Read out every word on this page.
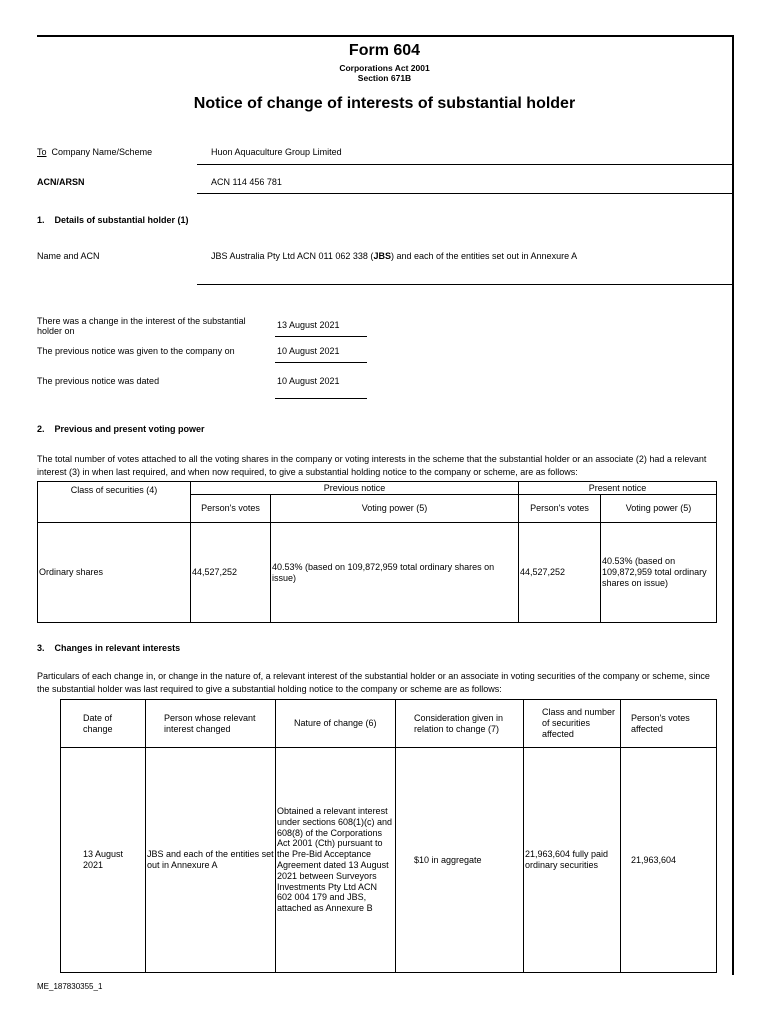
Form 604
Corporations Act 2001
Section 671B
Notice of change of interests of substantial holder
To Company Name/Scheme	Huon Aquaculture Group Limited
ACN/ARSN	ACN 114 456 781
1. Details of substantial holder (1)
Name and ACN	JBS Australia Pty Ltd ACN 011 062 338 (JBS) and each of the entities set out in Annexure A
There was a change in the interest of the substantial holder on
13 August 2021
The previous notice was given to the company on	10 August 2021
The previous notice was dated	10 August 2021
2. Previous and present voting power
The total number of votes attached to all the voting shares in the company or voting interests in the scheme that the substantial holder or an associate (2) had a relevant interest (3) in when last required, and when now required, to give a substantial holding notice to the company or scheme, are as follows:
Class of securities (4)	Previous notice		Present notice	
	Person's votes	Voting power (5)	Person's votes	Voting power (5)
Ordinary shares	44,527,252	40.53% (based on 109,872,959 total ordinary shares on issue)	44,527,252	40.53% (based on 109,872,959 total ordinary shares on issue)
3. Changes in relevant interests
Particulars of each change in, or change in the nature of, a relevant interest of the substantial holder or an associate in voting securities of the company or scheme, since the substantial holder was last required to give a substantial holding notice to the company or scheme are as follows:
Date of change	Person whose relevant interest changed	Nature of change (6)	Consideration given in relation to change (7)	Class and number of securities affected	Person's votes affected
13 August 2021	JBS and each of the entities set out in Annexure A	Obtained a relevant interest under sections 608(1)(c) and 608(8) of the Corporations Act 2001 (Cth) pursuant to the Pre-Bid Acceptance Agreement dated 13 August 2021 between Surveyors Investments Pty Ltd ACN 602 004 179 and JBS, attached as Annexure B	$10 in aggregate	21,963,604 fully paid ordinary securities	21,963,604
ME_187830355_1
